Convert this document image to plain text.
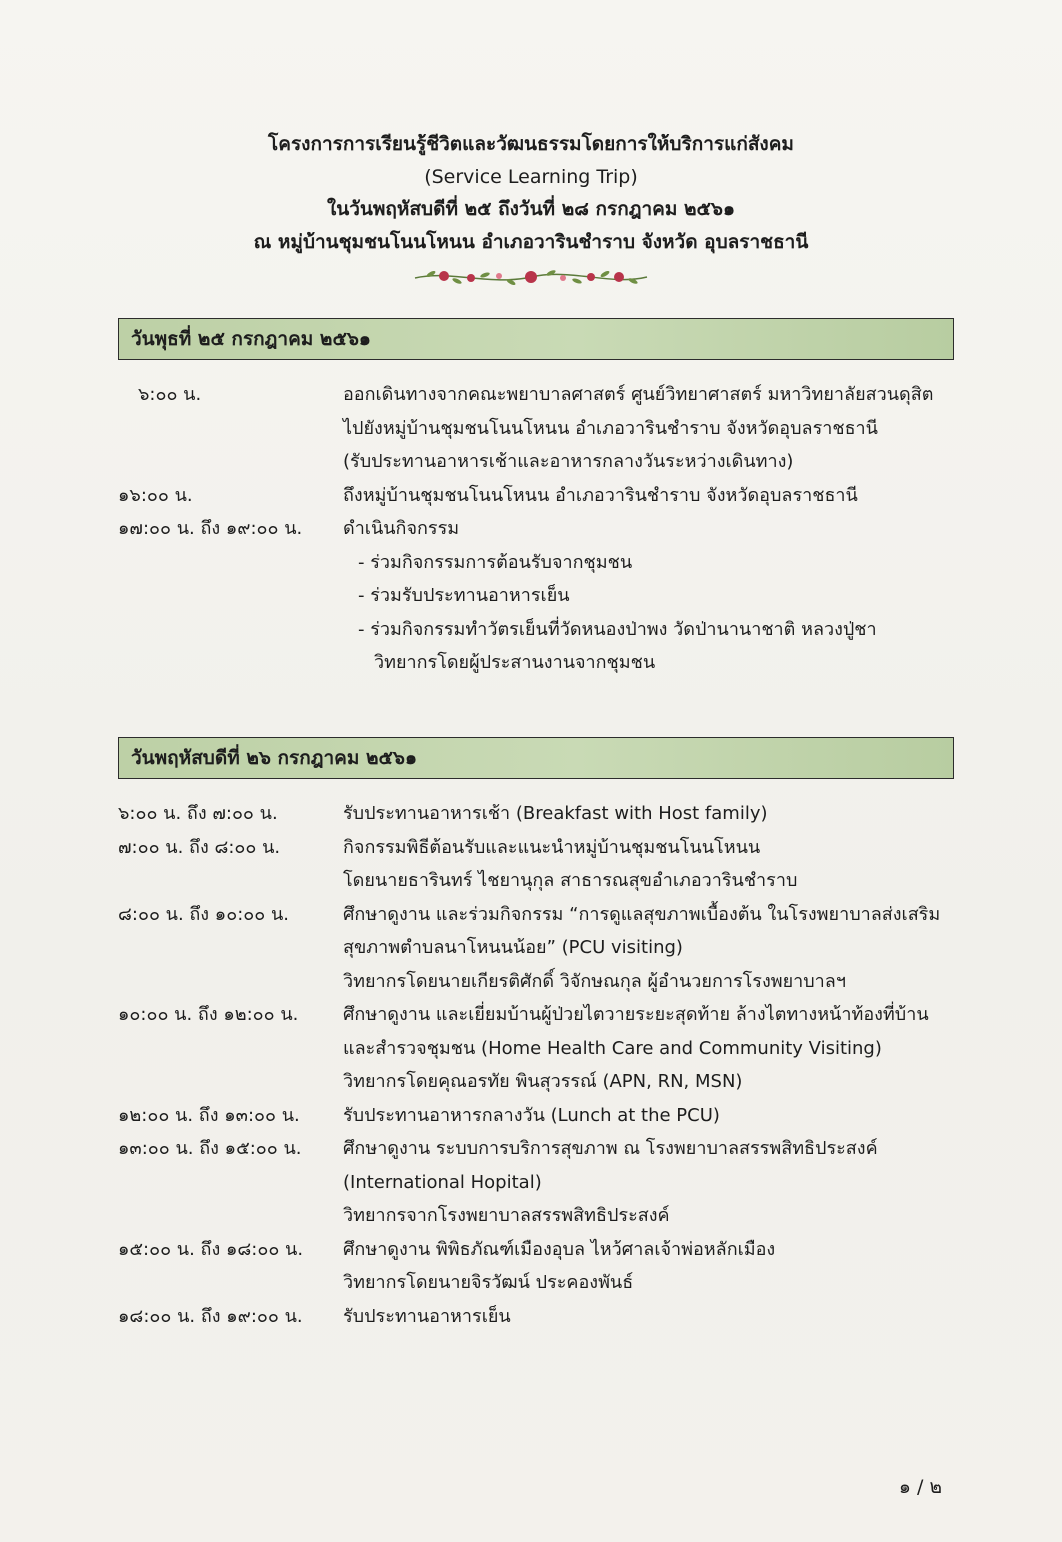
โครงการการเรียนรู้ชีวิตและวัฒนธรรมโดยการให้บริการแก่สังคม
(Service Learning Trip)
ในวันพฤหัสบดีที่ ๒๕ ถึงวันที่ ๒๘ กรกฎาคม ๒๕๖๑
ณ หมู่บ้านชุมชนโนนโหนน อำเภอวารินชำราบ จังหวัด อุบลราชธานี
วันพุธที่ ๒๕ กรกฎาคม ๒๕๖๑
๖:๐๐ น.	ออกเดินทางจากคณะพยาบาลศาสตร์ ศูนย์วิทยาศาสตร์ มหาวิทยาลัยสวนดุสิต
ไปยังหมู่บ้านชุมชนโนนโหนน อำเภอวารินชำราบ จังหวัดอุบลราชธานี
(รับประทานอาหารเช้าและอาหารกลางวันระหว่างเดินทาง)
๑๖:๐๐ น.	ถึงหมู่บ้านชุมชนโนนโหนน อำเภอวารินชำราบ จังหวัดอุบลราชธานี
๑๗:๐๐ น. ถึง ๑๙:๐๐ น.	ดำเนินกิจกรรม
- ร่วมกิจกรรมการต้อนรับจากชุมชน
- ร่วมรับประทานอาหารเย็น
- ร่วมกิจกรรมทำวัตรเย็นที่วัดหนองป่าพง วัดป่านานาชาติ หลวงปู่ชา
วิทยากรโดยผู้ประสานงานจากชุมชน
วันพฤหัสบดีที่ ๒๖ กรกฎาคม ๒๕๖๑
๖:๐๐ น. ถึง ๗:๐๐ น.	รับประทานอาหารเช้า (Breakfast with Host family)
๗:๐๐ น. ถึง ๘:๐๐ น.	กิจกรรมพิธีต้อนรับและแนะนำหมู่บ้านชุมชนโนนโหนน
โดยนายธารินทร์ ไชยานุกุล สาธารณสุขอำเภอวารินชำราบ
๘:๐๐ น. ถึง ๑๐:๐๐ น.	ศึกษาดูงาน และร่วมกิจกรรม “การดูแลสุขภาพเบื้องต้น ในโรงพยาบาลส่งเสริม
สุขภาพตำบลนาโหนนน้อย” (PCU visiting)
วิทยากรโดยนายเกียรติศักดิ์ วิจักษณกุล ผู้อำนวยการโรงพยาบาลฯ
๑๐:๐๐ น. ถึง ๑๒:๐๐ น.	ศึกษาดูงาน และเยี่ยมบ้านผู้ป่วยไตวายระยะสุดท้าย ล้างไตทางหน้าท้องที่บ้าน
และสำรวจชุมชน (Home Health Care and Community Visiting)
วิทยากรโดยคุณอรทัย พินสุวรรณ์ (APN, RN, MSN)
๑๒:๐๐ น. ถึง ๑๓:๐๐ น.	รับประทานอาหารกลางวัน (Lunch at the PCU)
๑๓:๐๐ น. ถึง ๑๕:๐๐ น.	ศึกษาดูงาน ระบบการบริการสุขภาพ ณ โรงพยาบาลสรรพสิทธิประสงค์
(International Hopital)
วิทยากรจากโรงพยาบาลสรรพสิทธิประสงค์
๑๕:๐๐ น. ถึง ๑๘:๐๐ น.	ศึกษาดูงาน พิพิธภัณฑ์เมืองอุบล ไหว้ศาลเจ้าพ่อหลักเมือง
วิทยากรโดยนายจิรวัฒน์ ประคองพันธ์
๑๘:๐๐ น. ถึง ๑๙:๐๐ น.	รับประทานอาหารเย็น
๑ / ๒
